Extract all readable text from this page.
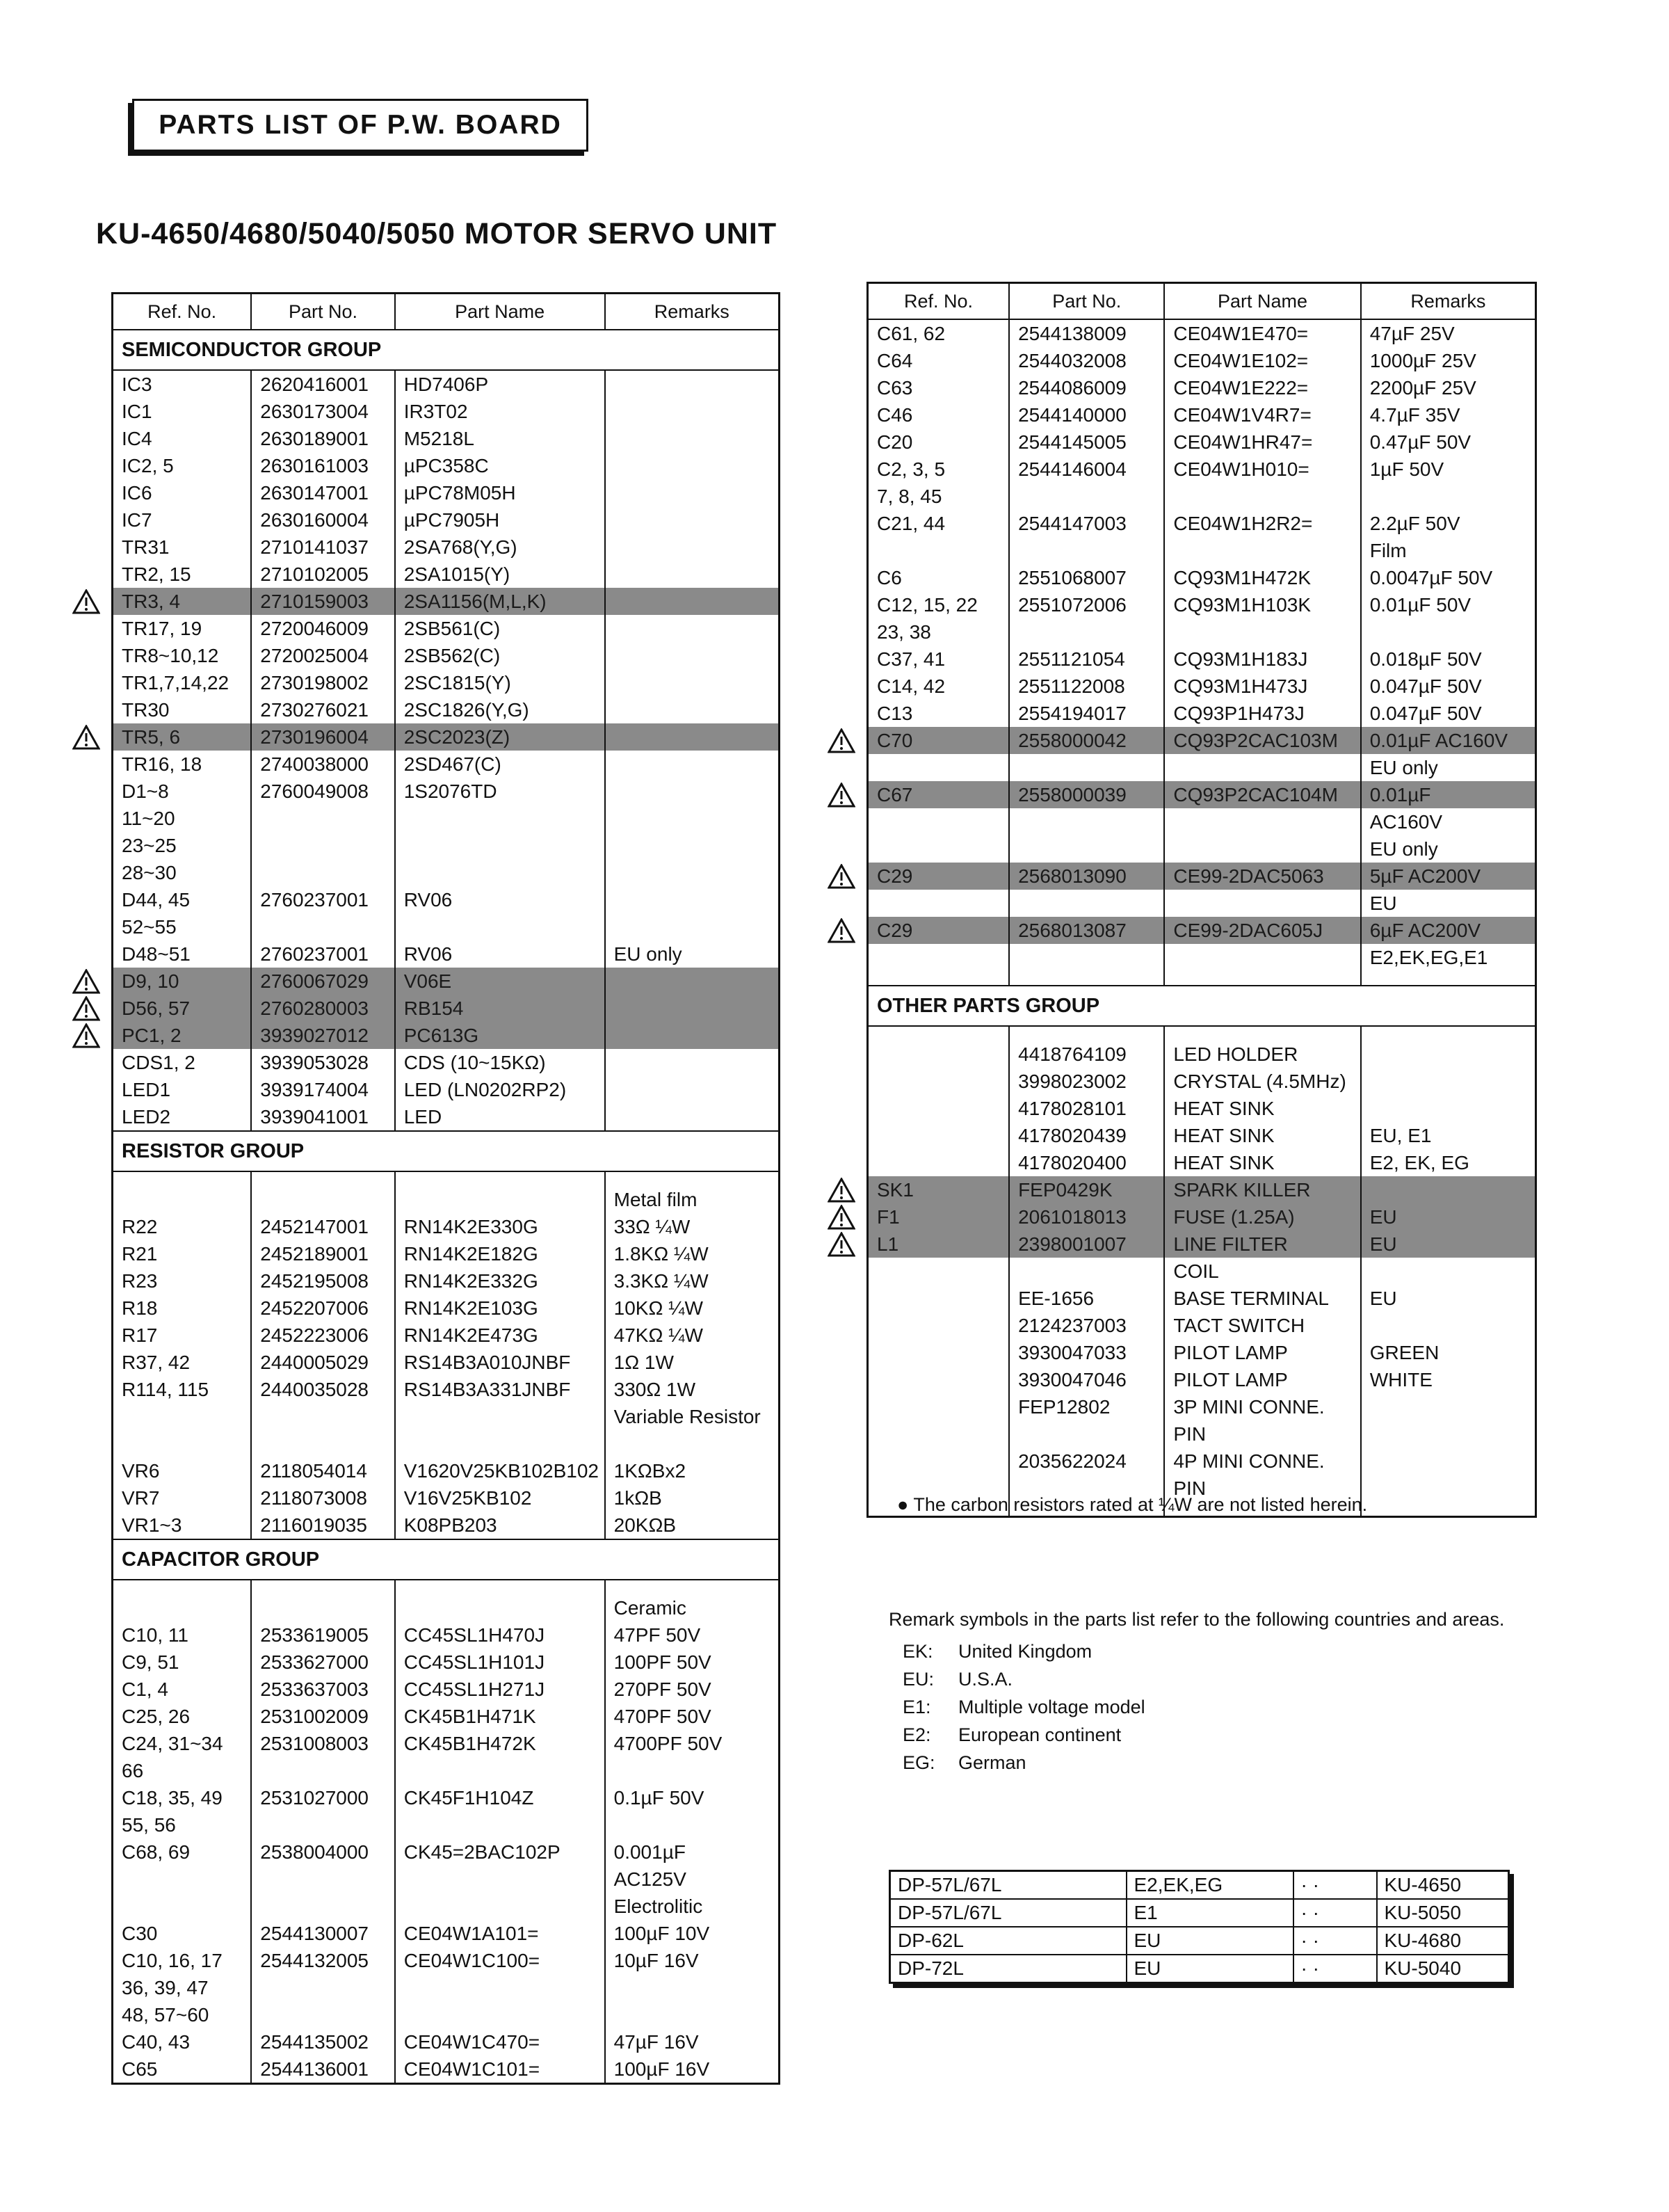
PARTS LIST OF P.W. BOARD
KU-4650/4680/5040/5050 MOTOR SERVO UNIT
Ref. No.	Part No.	Part Name	Remarks
SEMICONDUCTOR GROUP			
IC3	2620416001	HD7406P	
IC1	2630173004	IR3T02	
IC4	2630189001	M5218L	
IC2, 5	2630161003	µPC358C	
IC6	2630147001	µPC78M05H	
IC7	2630160004	µPC7905H	
TR31	2710141037	2SA768(Y,G)	
TR2, 15	2710102005	2SA1015(Y)	
TR3, 4	2710159003	2SA1156(M,L,K)	
TR17, 19	2720046009	2SB561(C)	
TR8~10,12	2720025004	2SB562(C)	
TR1,7,14,22	2730198002	2SC1815(Y)	
TR30	2730276021	2SC1826(Y,G)	
TR5, 6	2730196004	2SC2023(Z)	
TR16, 18	2740038000	2SD467(C)	
D1~8	2760049008	1S2076TD	
11~20			
23~25			
28~30			
D44, 45	2760237001	RV06	
52~55			
D48~51	2760237001	RV06	EU only
D9, 10	2760067029	V06E	
D56, 57	2760280003	RB154	
PC1, 2	3939027012	PC613G	
CDS1, 2	3939053028	CDS (10~15KΩ)	
LED1	3939174004	LED (LN0202RP2)	
LED2	3939041001	LED	
RESISTOR GROUP			

			Metal film
R22	2452147001	RN14K2E330G	33Ω ¼W
R21	2452189001	RN14K2E182G	1.8KΩ ¼W
R23	2452195008	RN14K2E332G	3.3KΩ ¼W
R18	2452207006	RN14K2E103G	10KΩ ¼W
R17	2452223006	RN14K2E473G	47KΩ ¼W
R37, 42	2440005029	RS14B3A010JNBF	1Ω 1W
R114, 115	2440035028	RS14B3A331JNBF	330Ω 1W
			Variable Resistor

VR6	2118054014	V1620V25KB102B102	1KΩBx2
VR7	2118073008	V16V25KB102	1kΩB
VR1~3	2116019035	K08PB203	20KΩB
CAPACITOR GROUP			

			Ceramic
C10, 11	2533619005	CC45SL1H470J	47PF 50V
C9, 51	2533627000	CC45SL1H101J	100PF 50V
C1, 4	2533637003	CC45SL1H271J	270PF 50V
C25, 26	2531002009	CK45B1H471K	470PF 50V
C24, 31~34	2531008003	CK45B1H472K	4700PF 50V
66			
C18, 35, 49	2531027000	CK45F1H104Z	0.1µF 50V
55, 56			
C68, 69	2538004000	CK45=2BAC102P	0.001µF
			AC125V
			Electrolitic
C30	2544130007	CE04W1A101=	100µF 10V
C10, 16, 17	2544132005	CE04W1C100=	10µF 16V
36, 39, 47			
48, 57~60			
C40, 43	2544135002	CE04W1C470=	47µF 16V
C65	2544136001	CE04W1C101=	100µF 16V
Ref. No.	Part No.	Part Name	Remarks
C61, 62	2544138009	CE04W1E470=	47µF 25V
C64	2544032008	CE04W1E102=	1000µF 25V
C63	2544086009	CE04W1E222=	2200µF 25V
C46	2544140000	CE04W1V4R7=	4.7µF 35V
C20	2544145005	CE04W1HR47=	0.47µF 50V
C2, 3, 5	2544146004	CE04W1H010=	1µF 50V
7, 8, 45			
C21, 44	2544147003	CE04W1H2R2=	2.2µF 50V
			Film
C6	2551068007	CQ93M1H472K	0.0047µF 50V
C12, 15, 22	2551072006	CQ93M1H103K	0.01µF 50V
23, 38			
C37, 41	2551121054	CQ93M1H183J	0.018µF 50V
C14, 42	2551122008	CQ93M1H473J	0.047µF 50V
C13	2554194017	CQ93P1H473J	0.047µF 50V
C70	2558000042	CQ93P2CAC103M	0.01µF AC160V
			EU only
C67	2558000039	CQ93P2CAC104M	0.01µF
			AC160V
			EU only
C29	2568013090	CE99-2DAC5063	5µF AC200V
			EU
C29	2568013087	CE99-2DAC605J	6µF AC200V
			E2,EK,EG,E1

OTHER PARTS GROUP			

	4418764109	LED HOLDER	
	3998023002	CRYSTAL (4.5MHz)	
	4178028101	HEAT SINK	
	4178020439	HEAT SINK	EU, E1
	4178020400	HEAT SINK	E2, EK, EG
SK1	FEP0429K	SPARK KILLER	
F1	2061018013	FUSE (1.25A)	EU
L1	2398001007	LINE FILTER	EU
		COIL	
	EE-1656	BASE TERMINAL	EU
	2124237003	TACT SWITCH	
	3930047033	PILOT LAMP	GREEN
	3930047046	PILOT LAMP	WHITE
	FEP12802	3P MINI CONNE.	
		PIN	
	2035622024	4P MINI CONNE.	
		PIN	

● The carbon resistors rated at ¼W are not listed herein.
Remark symbols in the parts list refer to the following countries and areas.
EK: United Kingdom
EU: U.S.A.
E1: Multiple voltage model
E2: European continent
EG: German
DP-57L/67L	E2,EK,EG	· ·	KU-4650
DP-57L/67L	E1	· ·	KU-5050
DP-62L	EU	· ·	KU-4680
DP-72L	EU	· ·	KU-5040
